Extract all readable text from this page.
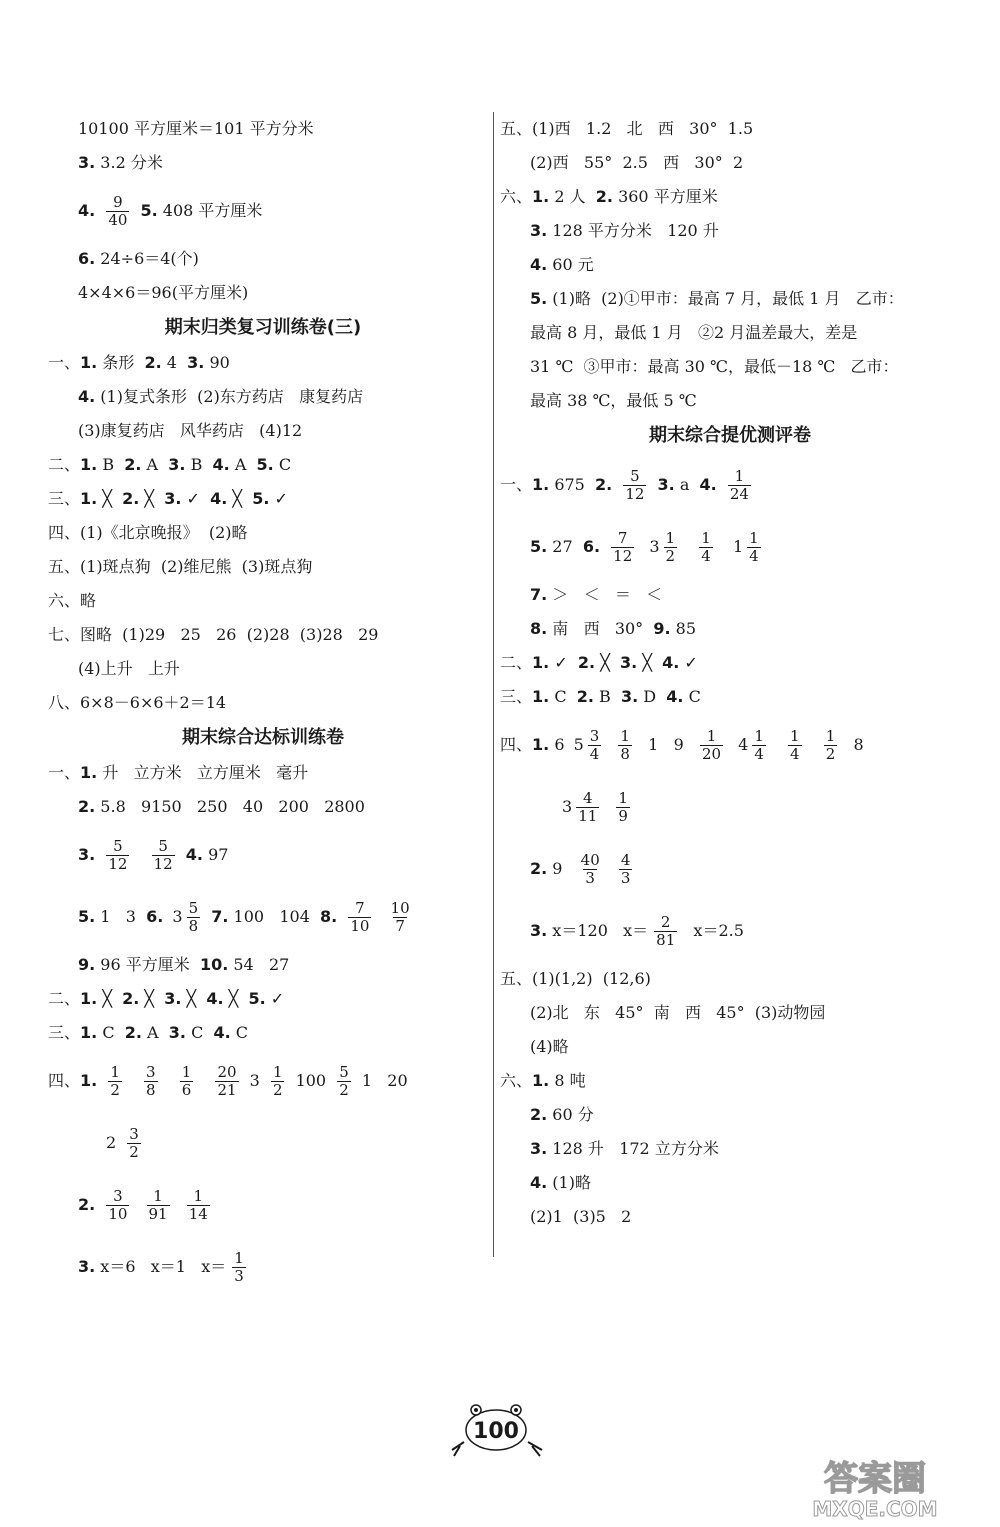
10100 平方厘米＝101 平方分米
3. 3.2 分米
4.
$\frac{9}{40}$
5. 408 平方厘米
6. 24÷6＝4(个)
4×4×6＝96(平方厘米)
期末归类复习训练卷(三)
一、 1. 条形 2. 4 3. 90
4. (1)复式条形  (2)东方药店   康复药店
(3)康复药店   风华药店   (4)12
二、 1. B 2. A 3. B 4. A 5. C
三、 1. ╳ 2. ╳ 3. ✓ 4. ╳ 5. ✓
四、(1)《北京晚报》  (2)略
五、(1)斑点狗  (2)维尼熊  (3)斑点狗
六、略
七、图略  (1)29   25   26  (2)28  (3)28   29
(4)上升   上升
八、6×8－6×6＋2＝14
期末综合达标训练卷
一、 1. 升   立方米   立方厘米   毫升
2. 5.8   9150   250   40   200   2800
3.
$\frac{5}{12}$
$\frac{5}{12}$
4. 97
5. 1   3 6.
$3 \frac{5}{8}$
7. 100   104 8.
$\frac{7}{10}$
$\frac{10}{7}$
9. 96 平方厘米 10. 54   27
二、 1. ╳ 2. ╳ 3. ╳ 4. ╳ 5. ✓
三、 1. C 2. A 3. C 4. C
四、 1.
$\frac{1}{2}$
$\frac{3}{8}$
$\frac{1}{6}$
$\frac{20}{21} 3 \frac{1}{2} 100 \frac{5}{2} 1$   20
$2 \frac{3}{2}$
2.
$\frac{3}{10}$
$\frac{1}{91}$
$\frac{1}{14}$
3. x＝6   x＝1   $x= \frac{1}{3}$
五、(1)西   1.2   北   西   30°  1.5
(2)西   55°  2.5   西   30°  2
六、 1. 2 人 2. 360 平方厘米
3. 128 平方分米   120 升
4. 60 元
5. (1)略  (2)①甲市：最高 7 月，最低 1 月   乙市：
最高 8 月，最低 1 月   ②2 月温差最大，差是
31 ℃  ③甲市：最高 30 ℃，最低－18 ℃   乙市：
最高 38 ℃，最低 5 ℃
期末综合提优测评卷
一、 1. 675 2.
$\frac{5}{12}$
3. a 4.
$\frac{1}{24}$
5. 27 6.
$\frac{7}{12}$
$3 \frac{1}{2}$
$\frac{1}{4}$
$1 \frac{1}{4}$
7. ＞   ＜   ＝   ＜
8. 南   西   30° 9. 85
二、 1. ✓ 2. ╳ 3. ╳ 4. ✓
三、 1. C 2. B 3. D 4. C
四、 1. 6 $5 \frac{3}{4}$
$\frac{1}{8} 1$   $9 \frac{1}{20}$
$4 \frac{1}{4}$
$\frac{1}{4}$
$\frac{1}{2} 8$
$3 \frac{4}{11}$
$\frac{1}{9}$
2. $9 \frac{40}{3}$
$\frac{4}{3}$
3. x＝120   $x= \frac{2}{81} x=2.5$
五、(1)(1,2)  (12,6)
(2)北   东   45°  南   西   45°  (3)动物园
(4)略
六、 1. 8 吨
2. 60 分
3. 128 升   172 立方分米
4. (1)略
(2)1  (3)5   2
100
答案圈
MXQE.COM
